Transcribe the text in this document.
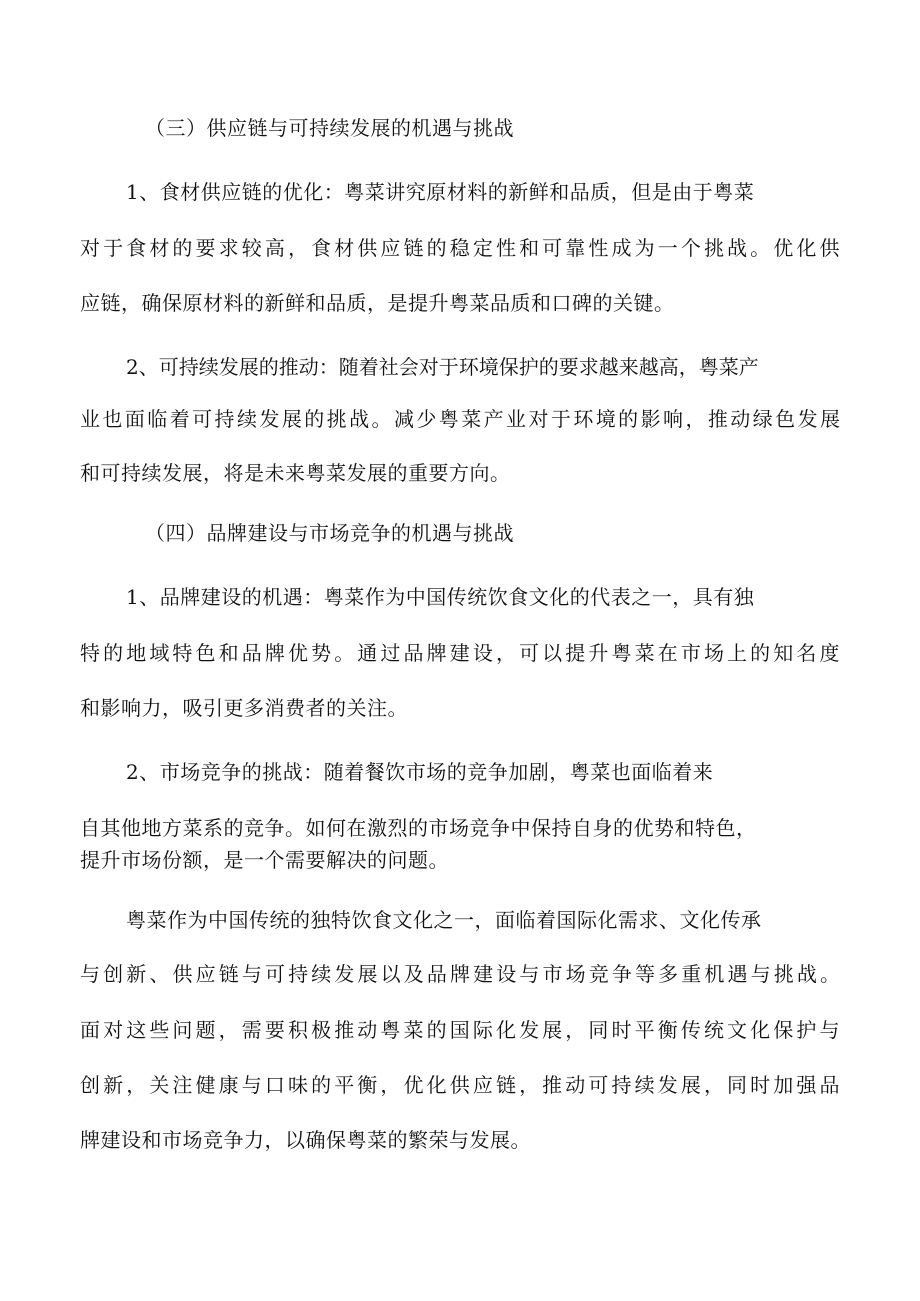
（三）供应链与可持续发展的机遇与挑战
1、食材供应链的优化：粤菜讲究原材料的新鲜和品质，但是由于粤菜
对于食材的要求较高，食材供应链的稳定性和可靠性成为一个挑战。优化供
应链，确保原材料的新鲜和品质，是提升粤菜品质和口碑的关键。
2、可持续发展的推动：随着社会对于环境保护的要求越来越高，粤菜产
业也面临着可持续发展的挑战。减少粤菜产业对于环境的影响，推动绿色发展
和可持续发展，将是未来粤菜发展的重要方向。
（四）品牌建设与市场竞争的机遇与挑战
1、品牌建设的机遇：粤菜作为中国传统饮食文化的代表之一，具有独
特的地域特色和品牌优势。通过品牌建设，可以提升粤菜在市场上的知名度
和影响力，吸引更多消费者的关注。
2、市场竞争的挑战：随着餐饮市场的竞争加剧，粤菜也面临着来
自其他地方菜系的竞争。如何在激烈的市场竞争中保持自身的优势和特色，
提升市场份额，是一个需要解决的问题。
粤菜作为中国传统的独特饮食文化之一，面临着国际化需求、文化传承
与创新、供应链与可持续发展以及品牌建设与市场竞争等多重机遇与挑战。
面对这些问题，需要积极推动粤菜的国际化发展，同时平衡传统文化保护与
创新，关注健康与口味的平衡，优化供应链，推动可持续发展，同时加强品
牌建设和市场竞争力，以确保粤菜的繁荣与发展。
